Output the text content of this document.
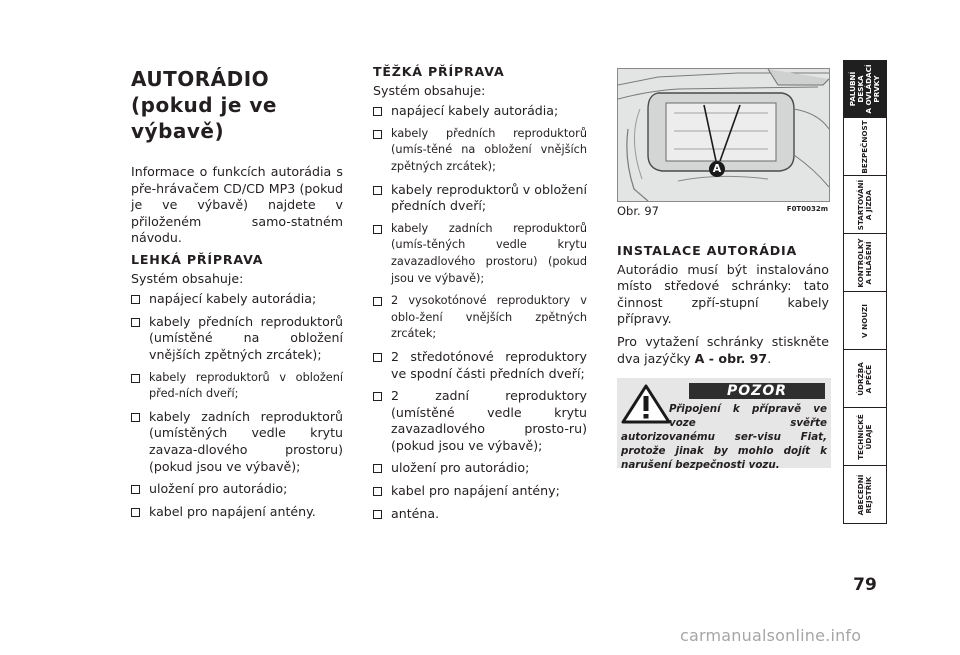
AUTORÁDIO
(pokud je ve výbavě)
Informace o funkcích autorádia s pře-hrávačem CD/CD MP3 (pokud je ve výbavě) najdete v přiloženém samo-statném návodu.
LEHKÁ PŘÍPRAVA
Systém obsahuje:
napájecí kabely autorádia;
kabely předních reproduktorů (umístěné na obložení vnějších zpětných zrcátek);
kabely reproduktorů v obložení před-ních dveří;
kabely zadních reproduktorů (umístěných vedle krytu zavaza-dlového prostoru) (pokud jsou ve výbavě);
uložení pro autorádio;
kabel pro napájení antény.
TĚŽKÁ PŘÍPRAVA
Systém obsahuje:
napájecí kabely autorádia;
kabely předních reproduktorů (umís-těné na obložení vnějších zpětných zrcátek);
kabely reproduktorů v obložení předních dveří;
kabely zadních reproduktorů (umís-těných vedle krytu zavazadlového prostoru) (pokud jsou ve výbavě);
2 vysokotónové reproduktory v oblo-žení vnějších zpětných zrcátek;
2 středotónové reproduktory ve spodní části předních dveří;
2 zadní reproduktory (umístěné vedle krytu zavazadlového prosto-ru) (pokud jsou ve výbavě);
uložení pro autorádio;
kabel pro napájení antény;
anténa.
A
Obr. 97	F0T0032m
INSTALACE AUTORÁDIA
Autorádio musí být instalováno místo středové schránky: tato činnost zpří-stupní kabely přípravy.
Pro vytažení schránky stiskněte dva jazýčky A - obr. 97.
POZOR
Připojení k přípravě ve voze svěřte autorizovanému ser-visu Fiat, protože jinak by mohlo dojít k narušení bezpečnosti vozu.
PALUBNÍ DESKA
A OVLÁDACÍ PRVKY
BEZPEČNOST
STARTOVÁNÍ
A JÍZDA
KONTROLKY
A HLÁŠENÍ
V NOUZI
ÚDRŽBA
A PÉČE
TECHNICKÉ
ÚDAJE
ABECEDNÍ
REJSTŘÍK
79
carmanualsonline.info
